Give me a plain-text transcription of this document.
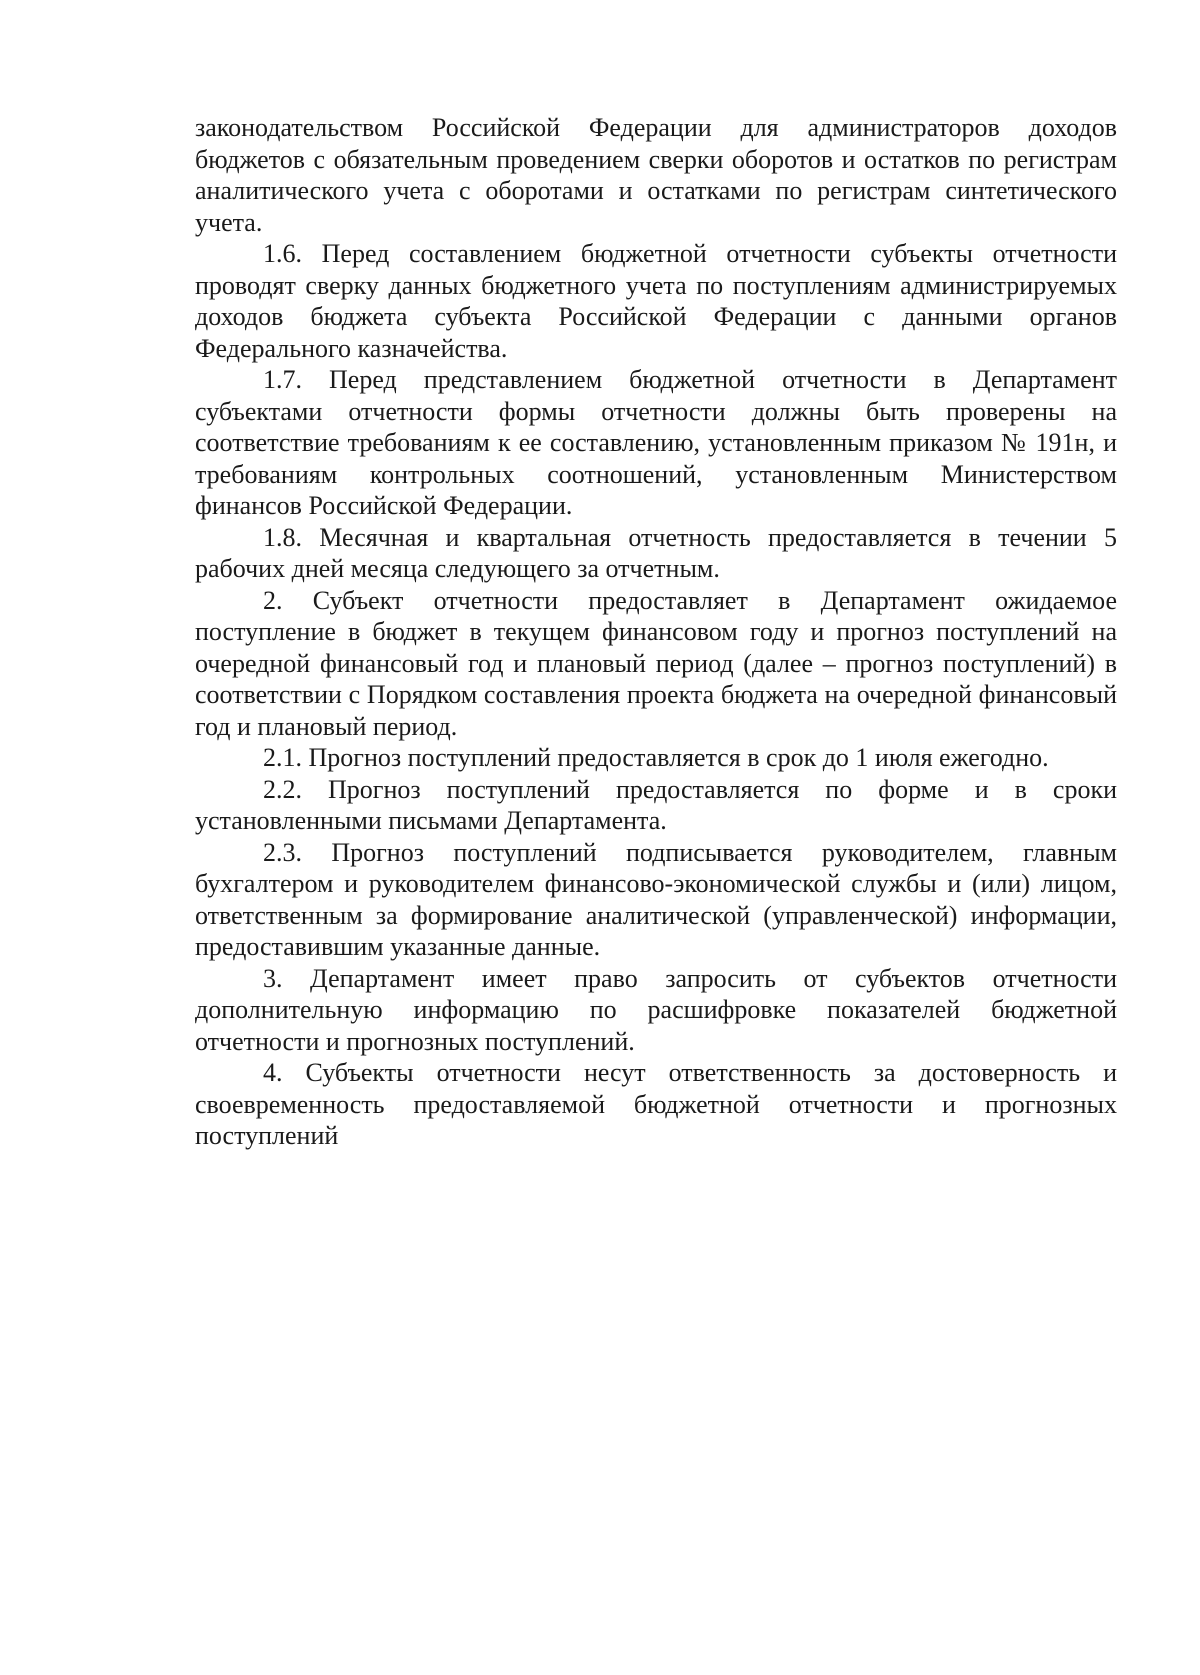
законодательством Российской Федерации для администраторов доходов бюджетов с обязательным проведением сверки оборотов и остатков по регистрам аналитического учета с оборотами и остатками по регистрам синтетического учета.

1.6. Перед составлением бюджетной отчетности субъекты отчетности проводят сверку данных бюджетного учета по поступлениям администрируемых доходов бюджета субъекта Российской Федерации с данными органов Федерального казначейства.

1.7. Перед представлением бюджетной отчетности в Департамент субъектами отчетности формы отчетности должны быть проверены на соответствие требованиям к ее составлению, установленным приказом № 191н, и требованиям контрольных соотношений, установленным Министерством финансов Российской Федерации.

1.8. Месячная и квартальная отчетность предоставляется в течении 5 рабочих дней месяца следующего за отчетным.

2. Субъект отчетности предоставляет в Департамент ожидаемое поступление в бюджет в текущем финансовом году и прогноз поступлений на очередной финансовый год и плановый период (далее – прогноз поступлений) в соответствии с Порядком составления проекта бюджета на очередной финансовый год и плановый период.

2.1. Прогноз поступлений предоставляется в срок до 1 июля ежегодно.

2.2. Прогноз поступлений предоставляется по форме и в сроки установленными письмами Департамента.

2.3. Прогноз поступлений подписывается руководителем, главным бухгалтером и руководителем финансово-экономической службы и (или) лицом, ответственным за формирование аналитической (управленческой) информации, предоставившим указанные данные.

3. Департамент имеет право запросить от субъектов отчетности дополнительную информацию по расшифровке показателей бюджетной отчетности и прогнозных поступлений.

4. Субъекты отчетности несут ответственность за достоверность и своевременность предоставляемой бюджетной отчетности и прогнозных поступлений
